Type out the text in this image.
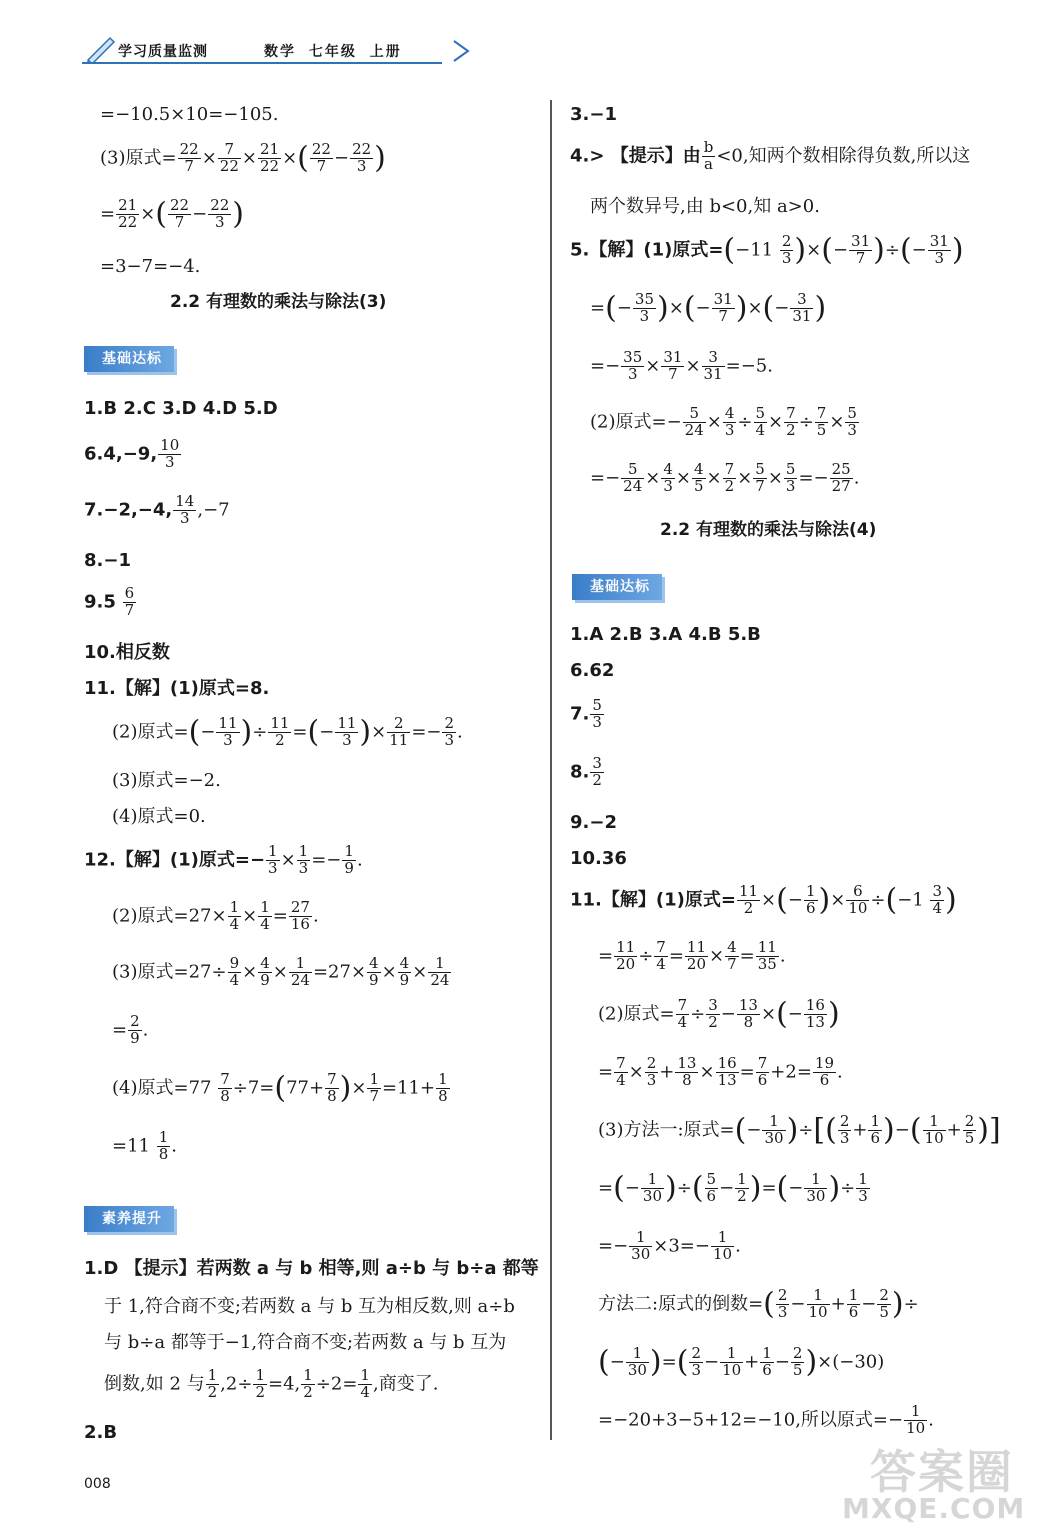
学习质量监测	数学 七年级 上册
=−10.5×10=−105.
(3)原式= $\frac{22}{7} \times \frac{7}{22} \times \frac{21}{22}$ ×( $\frac{22}{7} - \frac{22}{3}$ )
= $\frac{21}{22}$ ×( $\frac{22}{7} - \frac{22}{3}$ )
=3−7=−4.
2.2 有理数的乘法与除法(3)
基础达标
1.B 2.C 3.D 4.D 5.D
6.4,−9, $\frac{10}{3}$
7.−2,−4, $\frac{14}{3} ,-7$
8.−1
$9.5 \frac{6}{7}$
10.相反数
11.【解】(1)原式=8.
(2)原式=(− $\frac{11}{3}$ )÷ $\frac{11}{2}$ =(− $\frac{11}{3}$ )× $\frac{2}{11} =- \frac{2}{3}$ .
(3)原式=−2.
(4)原式=0.
12.【解】(1)原式=− $\frac{1}{3} \times \frac{1}{3} =- \frac{1}{9}$ .
(2)原式$=27\times \frac{1}{4} \times \frac{1}{4} = \frac{27}{16}$ .
(3)原式$=27\div \frac{9}{4} \times \frac{4}{9} \times \frac{1}{24} =27\times \frac{4}{9} \times \frac{4}{9} \times \frac{1}{24}$
= $\frac{2}{9}$ .
(4)原式$=77 \frac{7}{8} \div 7=(77+ \frac{7}{8}$ )× $\frac{1}{7} =11+ \frac{1}{8}$
$=11 \frac{1}{8}$ .
素养提升
1.D 【提示】若两数 a 与 b 相等,则 a÷b 与 b÷a 都等
于 1,符合商不变;若两数 a 与 b 互为相反数,则 a÷b
与 b÷a 都等于−1,符合商不变;若两数 a 与 b 互为
倒数,如 2 与 $\frac{1}{2} ,2\div \frac{1}{2} =4$, $\frac{1}{2} \div 2= \frac{1}{4}$ ,商变了.
2.B
3.−1
4.> 【提示】由 $\frac{b}{a} <0$,知两个数相除得负数,所以这
两个数异号,由 b<0,知 a>0.
5.【解】(1)原式$=(-11 \frac{2}{3}$ )×(− $\frac{31}{7}$ )÷(− $\frac{31}{3}$ )
=(− $\frac{35}{3}$ )×(− $\frac{31}{7}$ )×(− $\frac{3}{31}$ )
=− $\frac{35}{3} \times \frac{31}{7} \times \frac{3}{31} =-5$.
(2)原式=− $\frac{5}{24} \times \frac{4}{3} \div \frac{5}{4} \times \frac{7}{2} \div \frac{7}{5} \times \frac{5}{3}$
=− $\frac{5}{24} \times \frac{4}{3} \times \frac{4}{5} \times \frac{7}{2} \times \frac{5}{7} \times \frac{5}{3} =- \frac{25}{27}$ .
2.2 有理数的乘法与除法(4)
基础达标
1.A 2.B 3.A 4.B 5.B
6.62
7. $\frac{5}{3}$
8. $\frac{3}{2}$
9.−2
10.36
11.【解】(1)原式= $\frac{11}{2}$ ×(− $\frac{1}{6}$ )× $\frac{6}{10} \div(-1 \frac{3}{4}$ )
= $\frac{11}{20} \div \frac{7}{4} = \frac{11}{20} \times \frac{4}{7} = \frac{11}{35}$ .
(2)原式= $\frac{7}{4} \div \frac{3}{2} - \frac{13}{8}$ ×(− $\frac{16}{13}$ )
= $\frac{7}{4} \times \frac{2}{3} + \frac{13}{8} \times \frac{16}{13} = \frac{7}{6} +2= \frac{19}{6}$ .
(3)方法一:原式=(− $\frac{1}{30}$ )÷[( $\frac{2}{3} + \frac{1}{6}$ )−( $\frac{1}{10} + \frac{2}{5}$ )]
=(− $\frac{1}{30}$ )÷( $\frac{5}{6} - \frac{1}{2}$ )=(− $\frac{1}{30}$ )÷ $\frac{1}{3}$
=− $\frac{1}{30} \times 3=- \frac{1}{10}$ .
方法二:原式的倒数=( $\frac{2}{3} - \frac{1}{10} + \frac{1}{6} - \frac{2}{5}$ )÷
(− $\frac{1}{30}$ )=( $\frac{2}{3} - \frac{1}{10} + \frac{1}{6} - \frac{2}{5} )\times(-30)$
=−20+3−5+12=−10,所以原式=− $\frac{1}{10}$ .
008	答案圈
MXQE.COM
